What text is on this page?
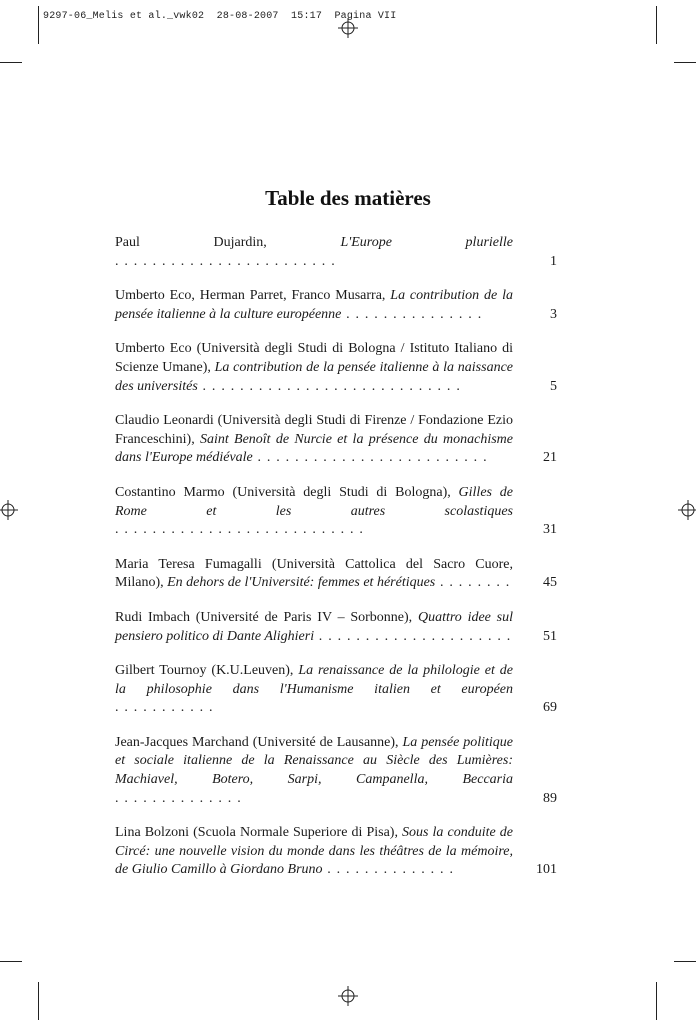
9297-06_Melis et al._vwk02  28-08-2007  15:17  Pagina VII
Table des matières
Paul Dujardin, L'Europe plurielle . . . . . . . . . . . . . . . . . . . . . . . .	1
Umberto Eco, Herman Parret, Franco Musarra, La contribution de la pensée italienne à la culture européenne . . . . . . . . . . . . . . .	3
Umberto Eco (Università degli Studi di Bologna / Istituto Italiano di Scienze Umane), La contribution de la pensée italienne à la naissance des universités . . . . . . . . . . . . . . . . . . . . . . . . . . . .	5
Claudio Leonardi (Università degli Studi di Firenze / Fondazione Ezio Franceschini), Saint Benoît de Nurcie et la présence du monachisme dans l'Europe médiévale . . . . . . . . . . . . . . . . . . . . . . . . .	21
Costantino Marmo (Università degli Studi di Bologna), Gilles de Rome et les autres scolastiques . . . . . . . . . . . . . . . . . . . . . . . . . . .	31
Maria Teresa Fumagalli (Università Cattolica del Sacro Cuore, Milano), En dehors de l'Université: femmes et hérétiques . . . . . . . . 45
Rudi Imbach (Université de Paris IV – Sorbonne), Quattro idee sul pensiero politico di Dante Alighieri . . . . . . . . . . . . . . . . . . . . . 51
Gilbert Tournoy (K.U.Leuven), La renaissance de la philologie et de la philosophie dans l'Humanisme italien et européen . . . . . . . . . . .	69
Jean-Jacques Marchand (Université de Lausanne), La pensée politique et sociale italienne de la Renaissance au Siècle des Lumières: Machiavel, Botero, Sarpi, Campanella, Beccaria . . . . . . . . . . . . . .	89
Lina Bolzoni (Scuola Normale Superiore di Pisa), Sous la conduite de Circé: une nouvelle vision du monde dans les théâtres de la mémoire, de Giulio Camillo à Giordano Bruno . . . . . . . . . . . . . .	101
